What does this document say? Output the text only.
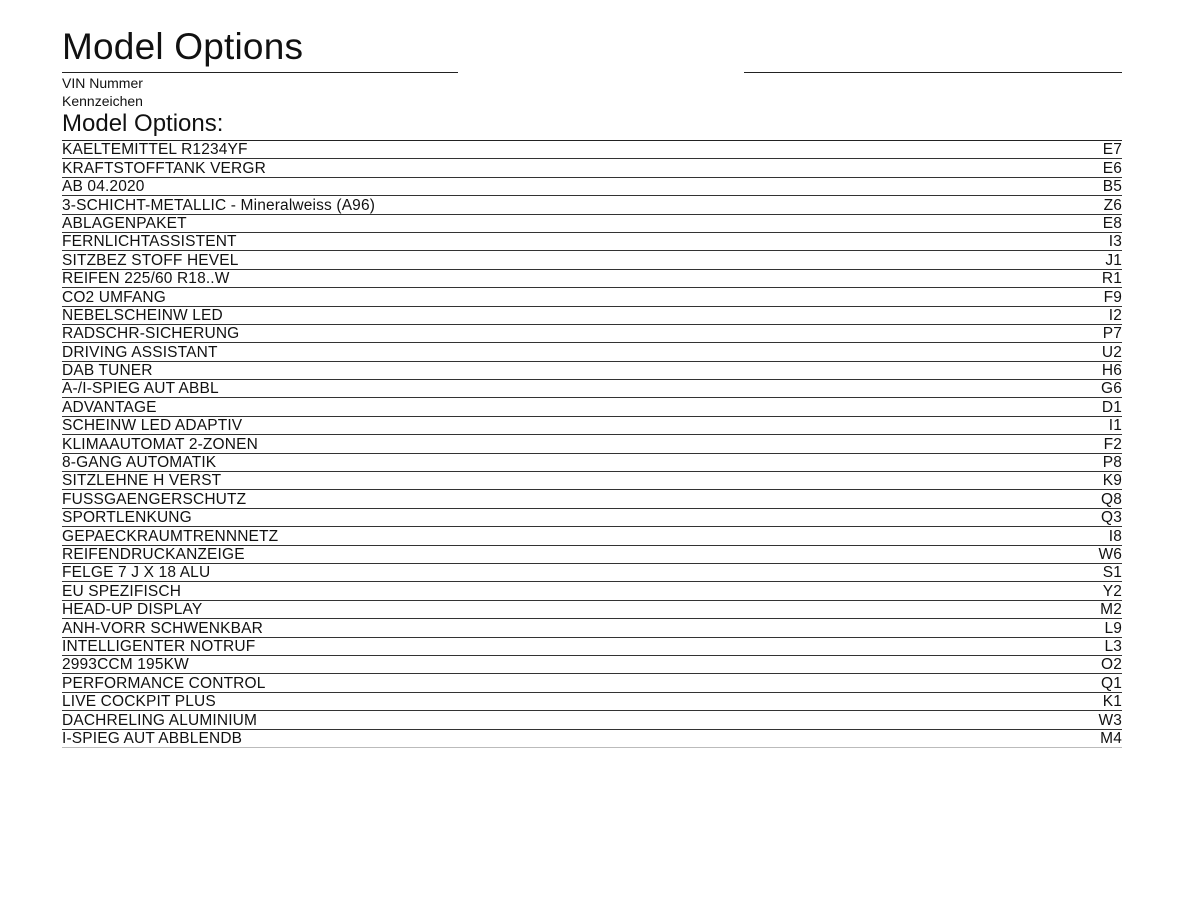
Model Options
VIN Nummer
Kennzeichen
Model Options:
KAELTEMITTEL R1234YF	E7
KRAFTSTOFFTANK VERGR	E6
AB 04.2020	B5
3-SCHICHT-METALLIC - Mineralweiss (A96)	Z6
ABLAGENPAKET	E8
FERNLICHTASSISTENT	I3
SITZBEZ STOFF HEVEL	J1
REIFEN 225/60 R18..W	R1
CO2 UMFANG	F9
NEBELSCHEINW LED	I2
RADSCHR-SICHERUNG	P7
DRIVING ASSISTANT	U2
DAB TUNER	H6
A-/I-SPIEG AUT ABBL	G6
ADVANTAGE	D1
SCHEINW LED ADAPTIV	I1
KLIMAAUTOMAT 2-ZONEN	F2
8-GANG AUTOMATIK	P8
SITZLEHNE H VERST	K9
FUSSGAENGERSCHUTZ	Q8
SPORTLENKUNG	Q3
GEPAECKRAUMTRENNNETZ	I8
REIFENDRUCKANZEIGE	W6
FELGE 7 J X 18 ALU	S1
EU SPEZIFISCH	Y2
HEAD-UP DISPLAY	M2
ANH-VORR SCHWENKBAR	L9
INTELLIGENTER NOTRUF	L3
2993CCM 195KW	O2
PERFORMANCE CONTROL	Q1
LIVE COCKPIT PLUS	K1
DACHRELING ALUMINIUM	W3
I-SPIEG AUT ABBLENDB	M4
